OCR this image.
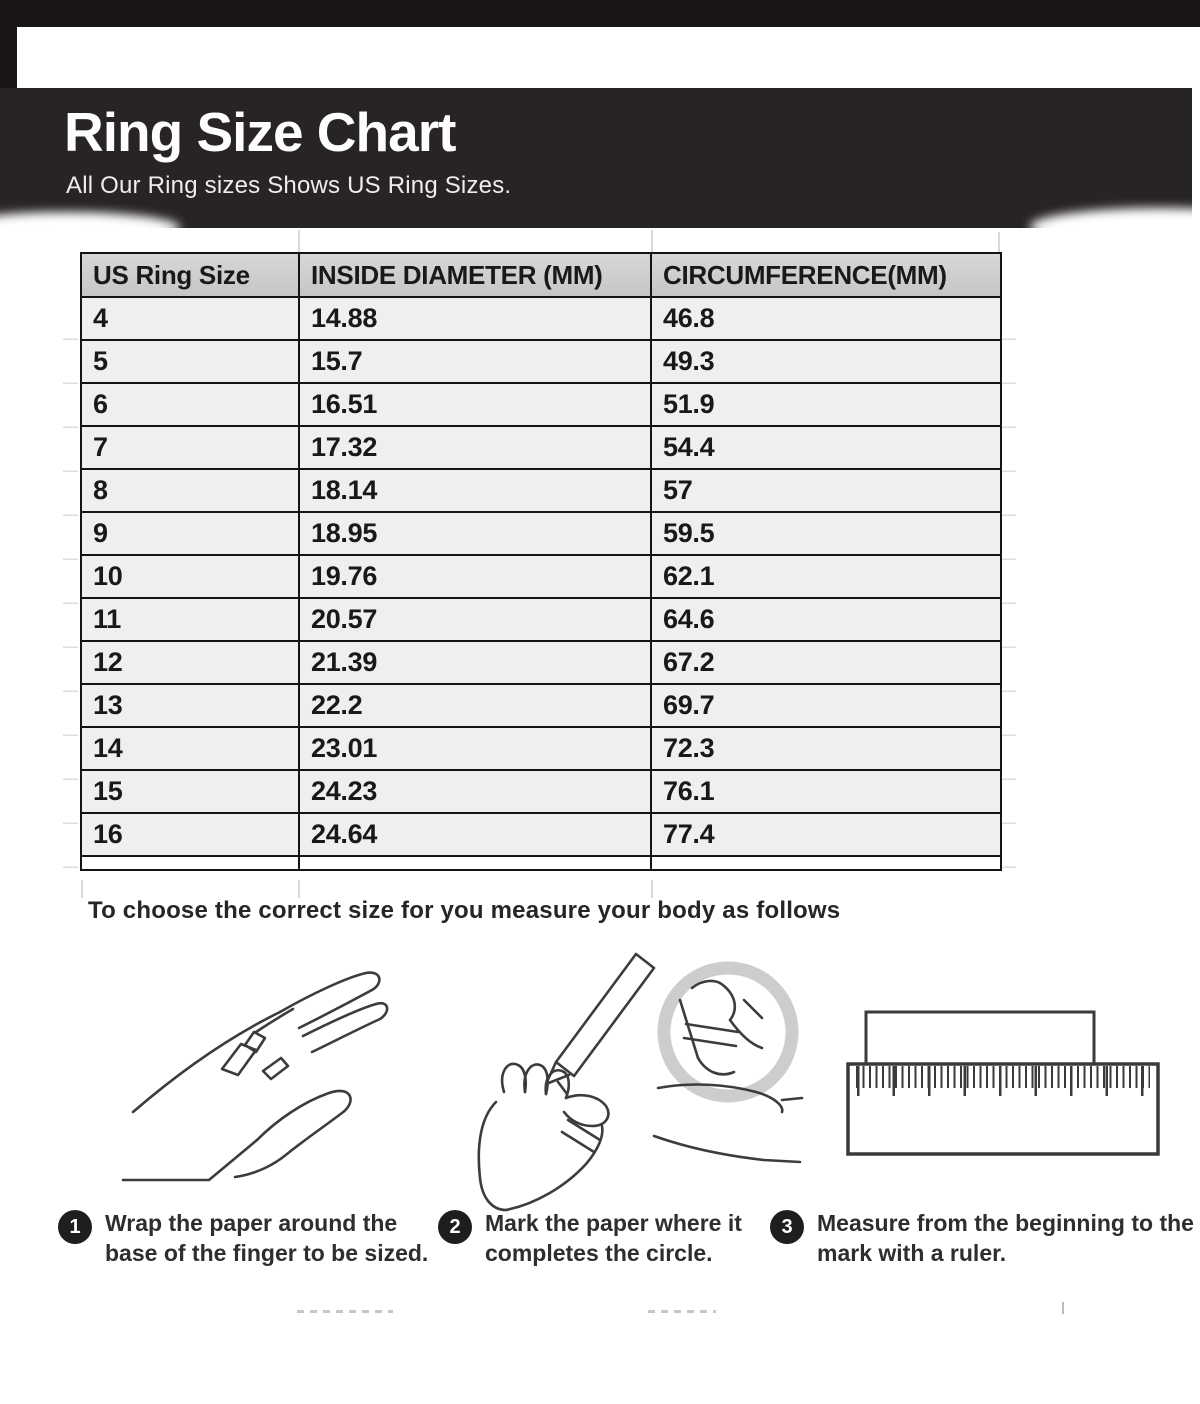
Ring Size Chart
All Our Ring sizes Shows US Ring Sizes.
US Ring Size	INSIDE DIAMETER (MM)	CIRCUMFERENCE(MM)
4	14.88	46.8
5	15.7	49.3
6	16.51	51.9
7	17.32	54.4
8	18.14	57
9	18.95	59.5
10	19.76	62.1
11	20.57	64.6
12	21.39	67.2
13	22.2	69.7
14	23.01	72.3
15	24.23	76.1
16	24.64	77.4

To choose the correct size for you measure your body as follows
1	Wrap the paper around the base of the finger to be sized.
2	Mark the paper where it completes the circle.
3	Measure from the beginning to the mark with a ruler.
